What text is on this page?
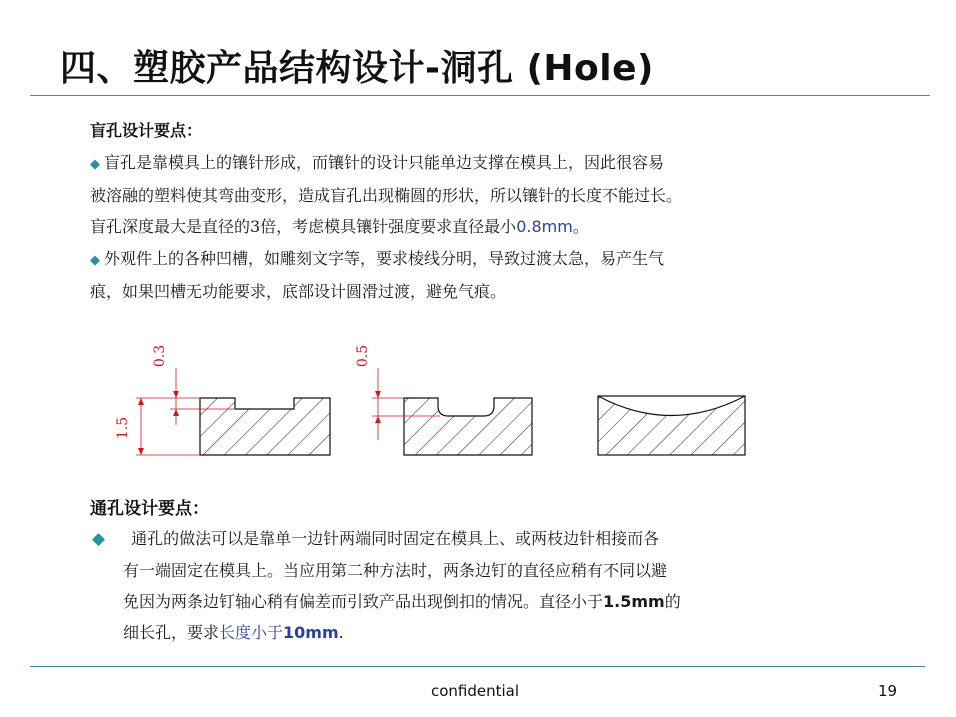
四、塑胶产品结构设计-洞孔 (Hole)
盲孔设计要点：

◆ 盲孔是靠模具上的镶针形成，而镶针的设计只能单边支撑在模具上，因此很容易
被溶融的塑料使其弯曲变形，造成盲孔出现椭圆的形状，所以镶针的长度不能过长。
盲孔深度最大是直径的3倍，考虑模具镶针强度要求直径最小0.8mm。

◆ 外观件上的各种凹槽，如雕刻文字等，要求棱线分明，导致过渡太急，易产生气
痕，如果凹槽无功能要求，底部设计圆滑过渡，避免气痕。

0.3
1.5
0.5
通孔设计要点：

◆ 通孔的做法可以是靠单一边针两端同时固定在模具上、或两枝边针相接而各
有一端固定在模具上。当应用第二种方法时，两条边钉的直径应稍有不同以避
免因为两条边钉轴心稍有偏差而引致产品出现倒扣的情况。直径小于1.5mm的
细长孔，要求长度小于10mm.

confidential	19
